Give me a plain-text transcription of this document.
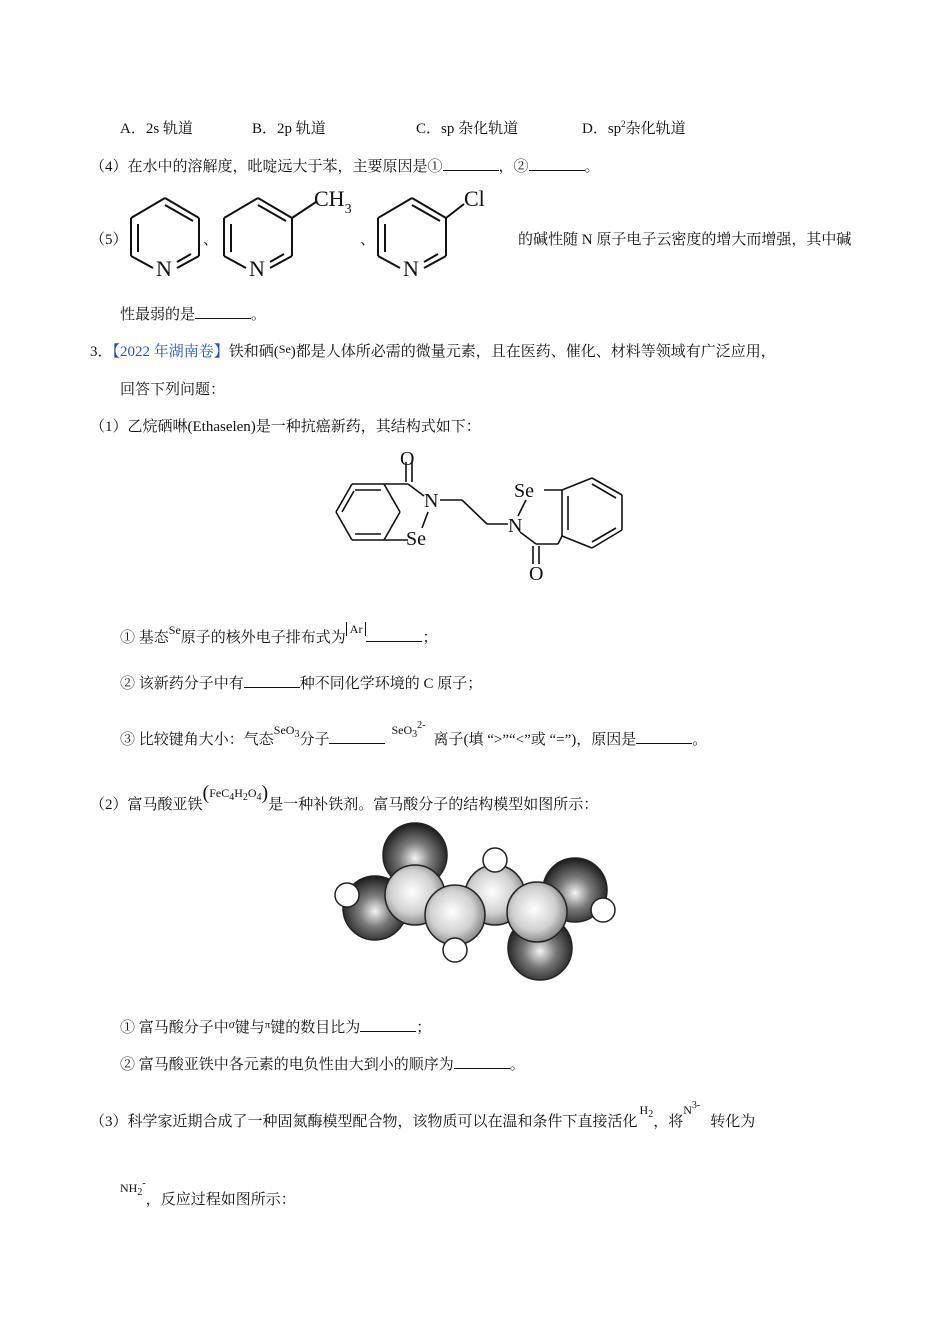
A．2s 轨道	B．2p 轨道	C．sp 杂化轨道	D．$sp^2$杂化轨道
（4）在水中的溶解度，吡啶远大于苯，主要原因是①	，②	。
（5）
N
、
N
$CH_3$
、
N
Cl
的碱性随 N 原子电子云密度的增大而增强，其中碱
性最弱的是	。
3．【2022 年湖南卷】铁和硒($^{Se}$)都是人体所必需的微量元素，且在医药、催化、材料等领域有广泛应用，
回答下列问题：
（1）乙烷硒啉(Ethaselen)是一种抗癌新药，其结构式如下：
O
N
Se
Se
N
O
① 基态$^{Se}$原子的核外电子排布式为$^{Ar}$；
② 该新药分子中有	种不同化学环境的 C 原子；
③ 比较键角大小：气态$^{SeO_3}$分子$^{SeO_3^{2-}}$离子(填 “>”“<”或 “=”)，原因是	。
（2）富马酸亚铁($^{FeC_4H_2O_4}$)是一种补铁剂。富马酸分子的结构模型如图所示：
① 富马酸分子中$^\sigma$键与$^\pi$键的数目比为	；
② 富马酸亚铁中各元素的电负性由大到小的顺序为	。
（3）科学家近期合成了一种固氮酶模型配合物，该物质可以在温和条件下直接活化$^{H_2}$，将$^{N^{3-}}$转化为
$^{NH_2^-}$，反应过程如图所示：
